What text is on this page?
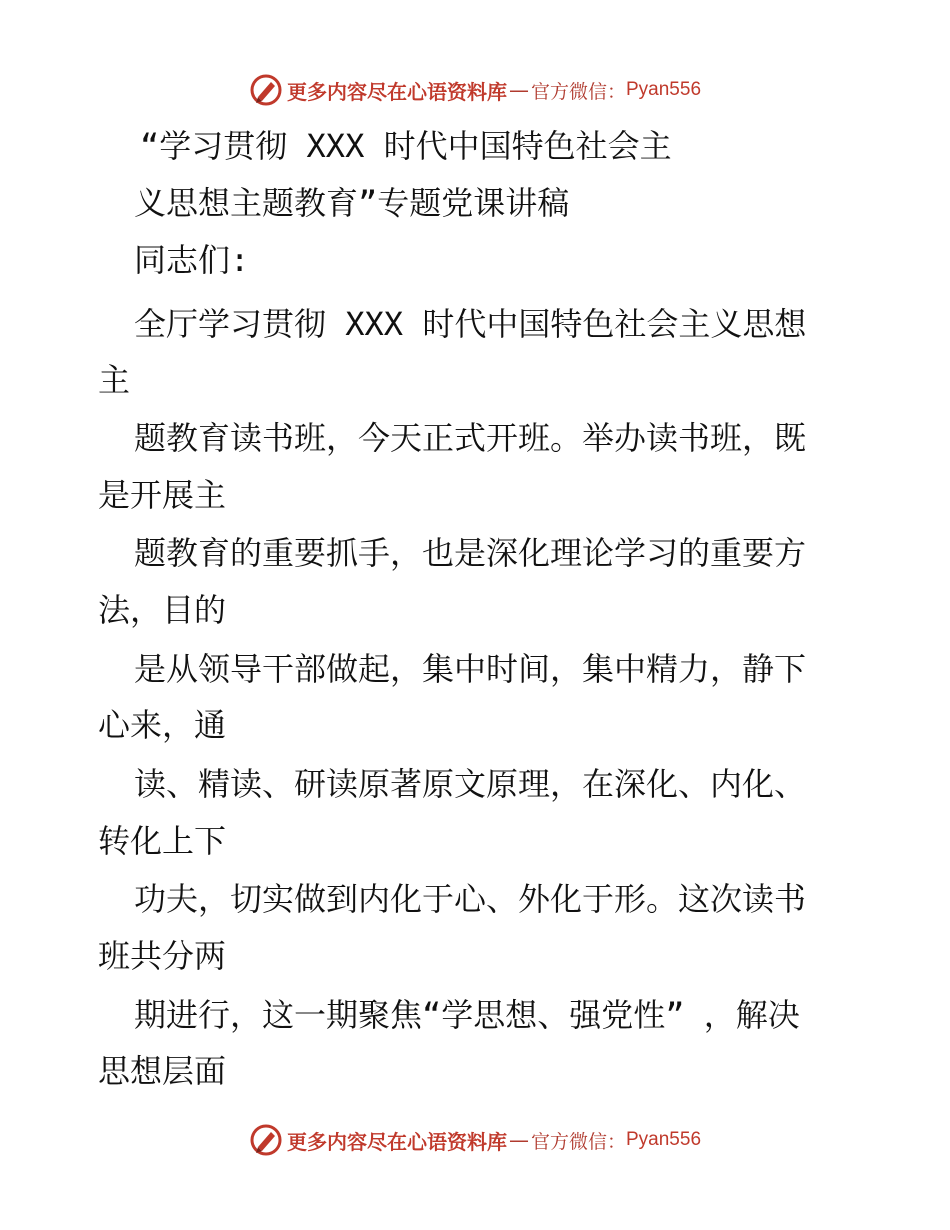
更多内容尽在心语资料库 — 官方微信： Pyan556

“学习贯彻 XXX 时代中国特色社会主

义思想主题教育”专题党课讲稿

同志们:

全厅学习贯彻 XXX 时代中国特色社会主义思想

主

题教育读书班，今天正式开班。举办读书班，既

是开展主

题教育的重要抓手，也是深化理论学习的重要方

法，目的

是从领导干部做起，集中时间，集中精力，静下

心来，通

读、精读、研读原著原文原理，在深化、内化、

转化上下

功夫，切实做到内化于心、外化于形。这次读书

班共分两

期进行，这一期聚焦“学思想、强党性” ，解决

思想层面

更多内容尽在心语资料库 — 官方微信： Pyan556
